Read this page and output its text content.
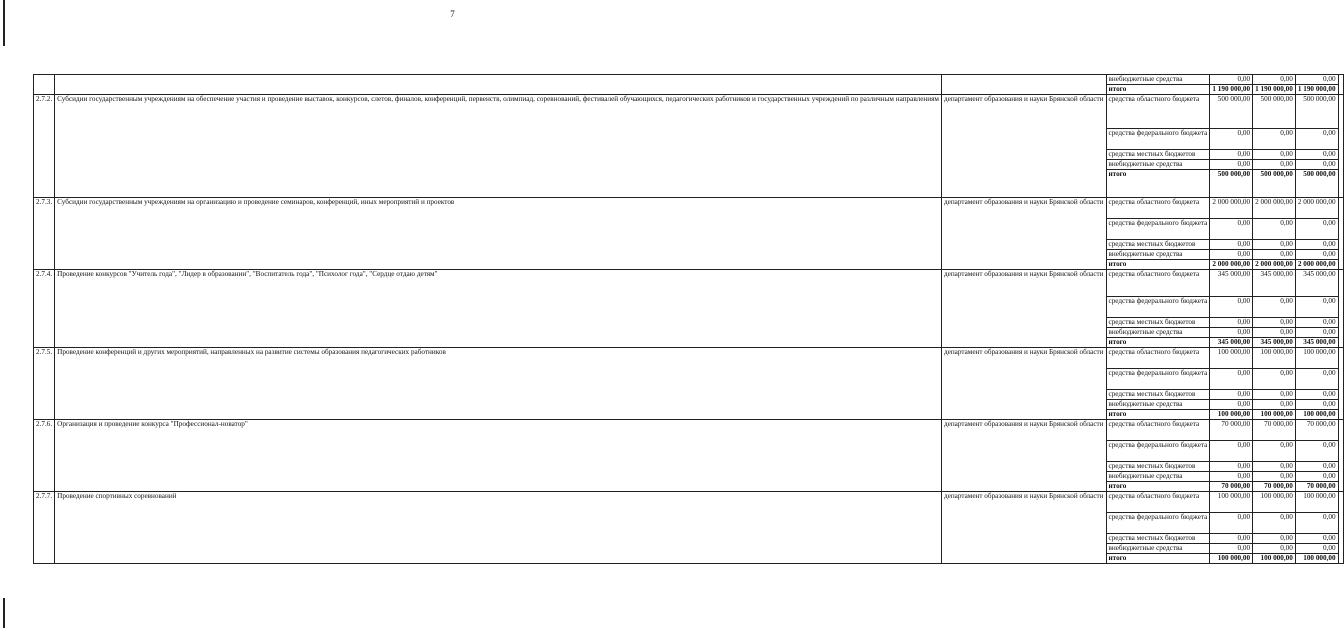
7
			внебюджетные средства	0,00	0,00	0,00	
			итого	1 190 000,00	1 190 000,00	1 190 000,00	
2.7.2.	Субсидии государственным учреждениям на обеспечение участия и проведение выставок, конкурсов, слетов, финалов, конференций, первенств, олимпиад, соревнований, фестивалей обучающихся, педагогических работников и государственных учреждений по различным направлениям	департамент образования и науки Брянской области	средства областного бюджета	500 000,00	500 000,00	500 000,00	
			средства федерального бюджета	0,00	0,00	0,00	
			средства местных бюджетов	0,00	0,00	0,00	
			внебюджетные средства	0,00	0,00	0,00	
			итого	500 000,00	500 000,00	500 000,00	
2.7.3.	Субсидии государственным учреждениям на организацию и проведение семинаров, конференций, иных мероприятий и проектов	департамент образования и науки Брянской области	средства областного бюджета	2 000 000,00	2 000 000,00	2 000 000,00	
			средства федерального бюджета	0,00	0,00	0,00	
			средства местных бюджетов	0,00	0,00	0,00	
			внебюджетные средства	0,00	0,00	0,00	
			итого	2 000 000,00	2 000 000,00	2 000 000,00	
2.7.4.	Проведение конкурсов "Учитель года", "Лидер в образовании", "Воспитатель года", "Психолог года", "Сердце отдаю детям"	департамент образования и науки Брянской области	средства областного бюджета	345 000,00	345 000,00	345 000,00	
			средства федерального бюджета	0,00	0,00	0,00	
			средства местных бюджетов	0,00	0,00	0,00	
			внебюджетные средства	0,00	0,00	0,00	
			итого	345 000,00	345 000,00	345 000,00	
2.7.5.	Проведение конференций и других мероприятий, направленных на развитие системы образования педагогических работников	департамент образования и науки Брянской области	средства областного бюджета	100 000,00	100 000,00	100 000,00	
			средства федерального бюджета	0,00	0,00	0,00	
			средства местных бюджетов	0,00	0,00	0,00	
			внебюджетные средства	0,00	0,00	0,00	
			итого	100 000,00	100 000,00	100 000,00	
2.7.6.	Организация и проведение конкурса "Профессионал-новатор"	департамент образования и науки Брянской области	средства областного бюджета	70 000,00	70 000,00	70 000,00	
			средства федерального бюджета	0,00	0,00	0,00	
			средства местных бюджетов	0,00	0,00	0,00	
			внебюджетные средства	0,00	0,00	0,00	
			итого	70 000,00	70 000,00	70 000,00	
2.7.7.	Проведение спортивных соревнований	департамент образования и науки Брянской области	средства областного бюджета	100 000,00	100 000,00	100 000,00	
			средства федерального бюджета	0,00	0,00	0,00	
			средства местных бюджетов	0,00	0,00	0,00	
			внебюджетные средства	0,00	0,00	0,00	
			итого	100 000,00	100 000,00	100 000,00	
